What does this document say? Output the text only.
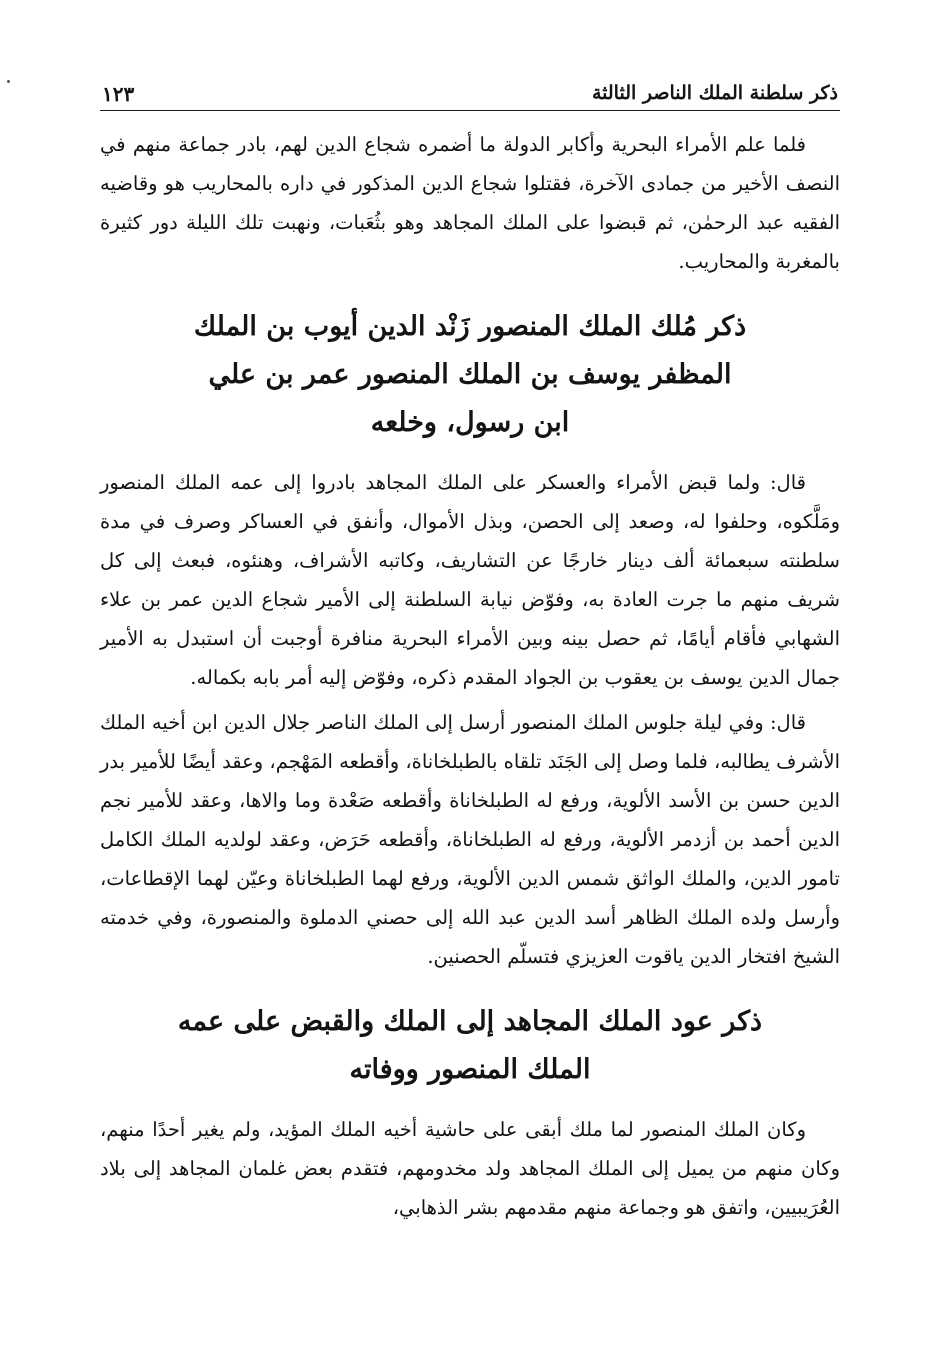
ذكر سلطنة الملك الناصر الثالثة
١٢٣

فلما علم الأمراء البحرية وأكابر الدولة ما أضمره شجاع الدين لهم، بادر جماعة منهم في النصف الأخير من جمادى الآخرة، فقتلوا شجاع الدين المذكور في داره بالمحاريب هو وقاضيه الفقيه عبد الرحمٰن، ثم قبضوا على الملك المجاهد وهو بثُعَبات، ونهبت تلك الليلة دور كثيرة بالمغربة والمحاريب.

ذكر مُلك الملك المنصور زَنْد الدين أيوب بن الملك
المظفر يوسف بن الملك المنصور عمر بن علي
ابن رسول، وخلعه

قال: ولما قبض الأمراء والعسكر على الملك المجاهد بادروا إلى عمه الملك المنصور ومَلَّكوه، وحلفوا له، وصعد إلى الحصن، وبذل الأموال، وأنفق في العساكر وصرف في مدة سلطنته سبعمائة ألف دينار خارجًا عن التشاريف، وكاتبه الأشراف، وهنئوه، فبعث إلى كل شريف منهم ما جرت العادة به، وفوّض نيابة السلطنة إلى الأمير شجاع الدين عمر بن علاء الشهابي فأقام أيامًا، ثم حصل بينه وبين الأمراء البحرية منافرة أوجبت أن استبدل به الأمير جمال الدين يوسف بن يعقوب بن الجواد المقدم ذكره، وفوّض إليه أمر بابه بكماله.

قال: وفي ليلة جلوس الملك المنصور أرسل إلى الملك الناصر جلال الدين ابن أخيه الملك الأشرف يطالبه، فلما وصل إلى الجَنَد تلقاه بالطبلخاناة، وأقطعه المَهْجم، وعقد أيضًا للأمير بدر الدين حسن بن الأسد الألوية، ورفع له الطبلخاناة وأقطعه صَعْدة وما والاها، وعقد للأمير نجم الدين أحمد بن أزدمر الألوية، ورفع له الطبلخاناة، وأقطعه حَرَض، وعقد لولديه الملك الكامل تامور الدين، والملك الواثق شمس الدين الألوية، ورفع لهما الطبلخاناة وعيّن لهما الإقطاعات، وأرسل ولده الملك الظاهر أسد الدين عبد الله إلى حصني الدملوة والمنصورة، وفي خدمته الشيخ افتخار الدين ياقوت العزيزي فتسلّم الحصنين.

ذكر عود الملك المجاهد إلى الملك والقبض على عمه
الملك المنصور ووفاته

وكان الملك المنصور لما ملك أبقى على حاشية أخيه الملك المؤيد، ولم يغير أحدًا منهم، وكان منهم من يميل إلى الملك المجاهد ولد مخدومهم، فتقدم بعض غلمان المجاهد إلى بلاد العُرَيبيين، واتفق هو وجماعة منهم مقدمهم بشر الذهابي،
